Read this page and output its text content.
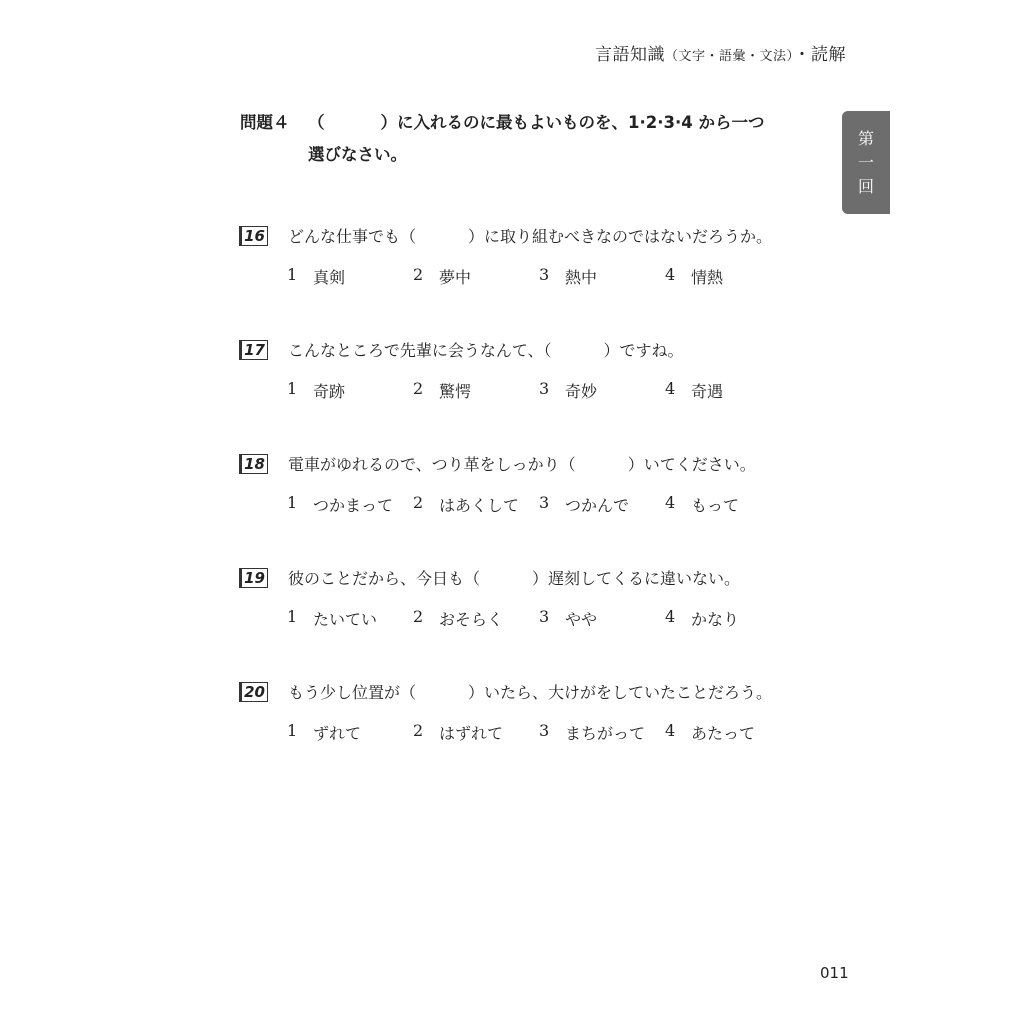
言語知識（文字・語彙・文法）・読解
第
一
回
問題４	（	） に入れるのに最もよいものを、1·2·3·4 から一つ
選びなさい。
16 どんな仕事でも（	）に取り組むべきなのではないだろうか。
1 真剣	2 夢中	3 熱中	4 情熱
17 こんなところで先輩に会うなんて、（	）ですね。
1 奇跡	2 驚愕	3 奇妙	4 奇遇
18 電車がゆれるので、つり革をしっかり（	）いてください。
1 つかまって 2 はあくして 3 つかんで 4 もって
19 彼のことだから、今日も（	）遅刻してくるに違いない。
1 たいてい 2 おそらく 3 やや	4 かなり
20 もう少し位置が（	）いたら、大けがをしていたことだろう。
1 ずれて	2 はずれて 3 まちがって 4 あたって
011
